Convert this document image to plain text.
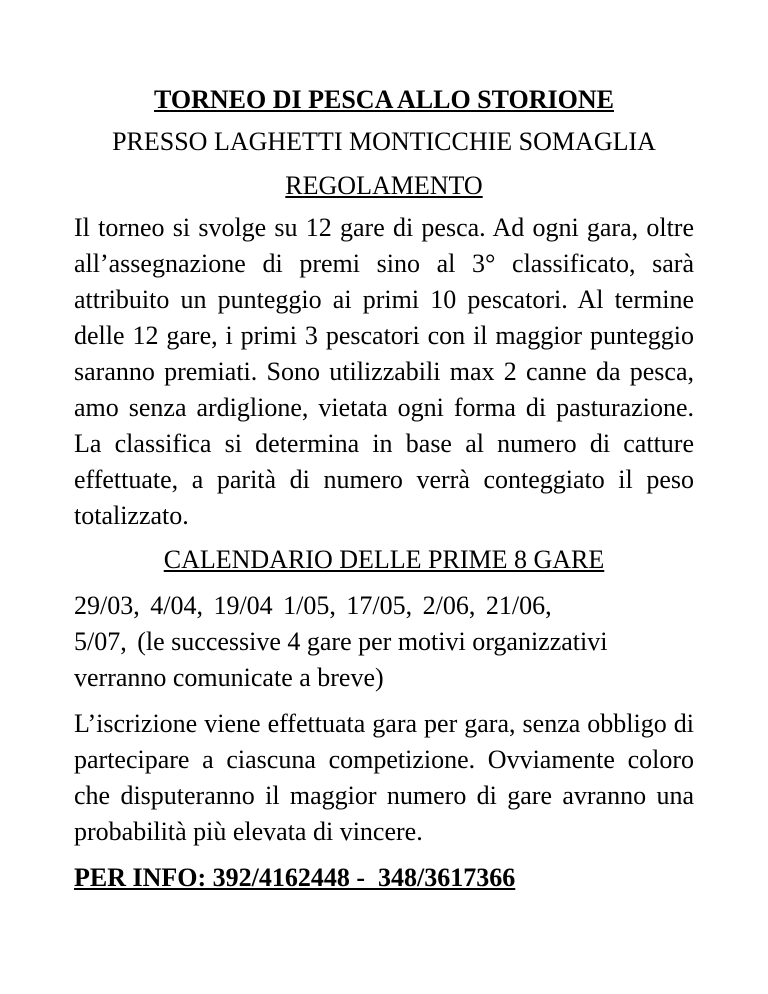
TORNEO DI PESCA ALLO STORIONE

PRESSO LAGHETTI MONTICCHIE SOMAGLIA

REGOLAMENTO

Il torneo si svolge su 12 gare di pesca. Ad ogni gara, oltre all’assegnazione di premi sino al 3° classificato, sarà attribuito un punteggio ai primi 10 pescatori. Al termine delle 12 gare, i primi 3 pescatori con il maggior punteggio saranno premiati. Sono utilizzabili max 2 canne da pesca, amo senza ardiglione, vietata ogni forma di pasturazione. La classifica si determina in base al numero di catture effettuate, a parità di numero verrà conteggiato il peso totalizzato.

CALENDARIO DELLE PRIME 8 GARE

29/03, 4/04, 19/04 1/05, 17/05, 2/06, 21/06,
5/07, (le successive 4 gare per motivi organizzativi verranno comunicate a breve)

L’iscrizione viene effettuata gara per gara, senza obbligo di partecipare a ciascuna competizione. Ovviamente coloro che disputeranno il maggior numero di gare avranno una probabilità più elevata di vincere.

PER INFO: 392/4162448 -  348/3617366
